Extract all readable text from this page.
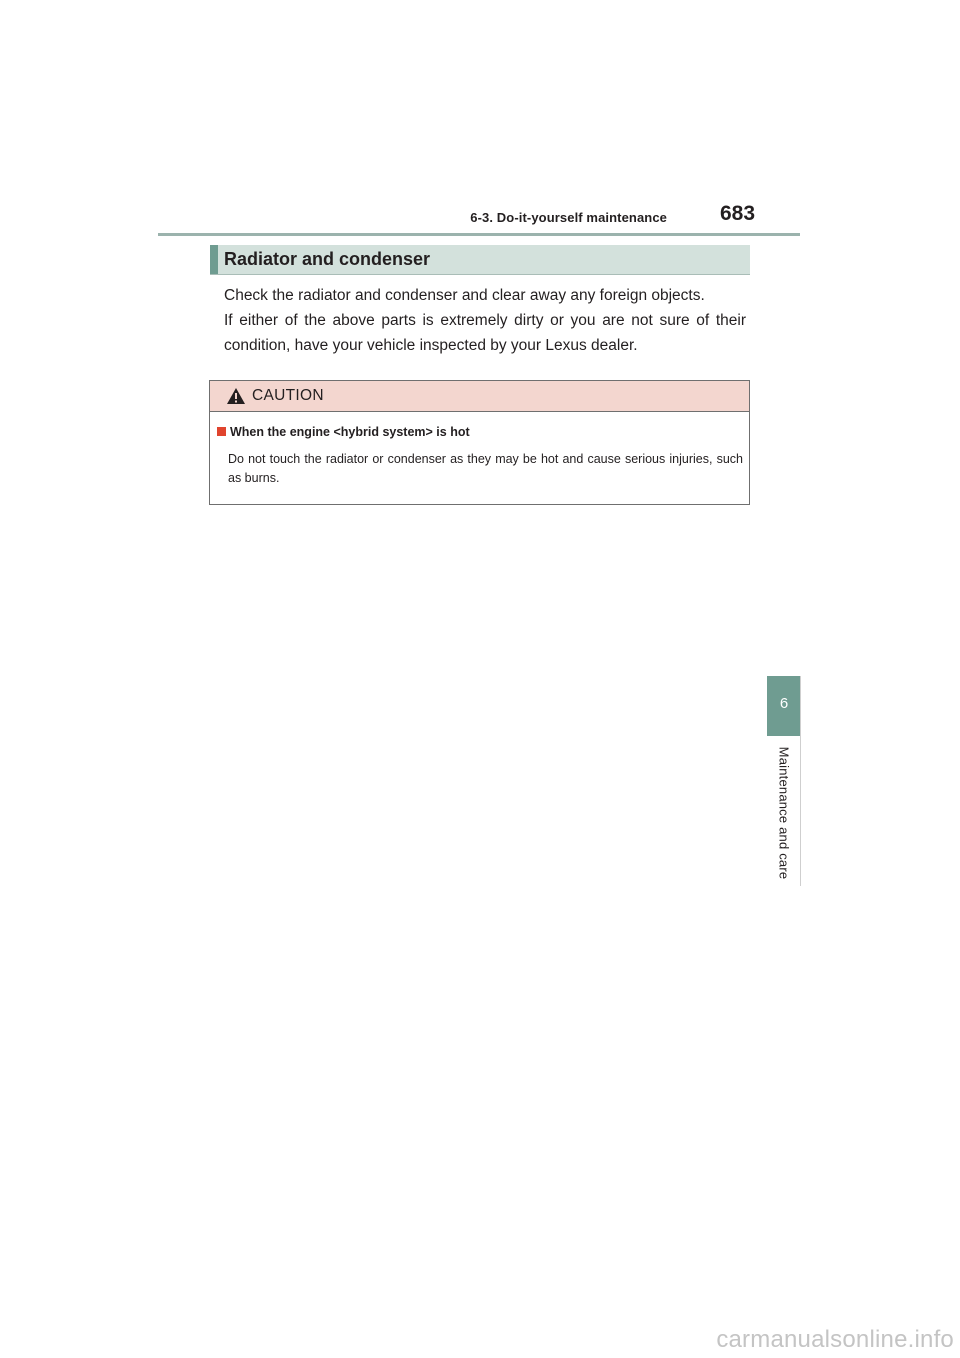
6-3. Do-it-yourself maintenance	683
Radiator and condenser

Check the radiator and condenser and clear away any foreign objects.

If either of the above parts is extremely dirty or you are not sure of their condition, have your vehicle inspected by your Lexus dealer.

CAUTION
When the engine <hybrid system> is hot

Do not touch the radiator or condenser as they may be hot and cause serious injuries, such as burns.

6
Maintenance and care
carmanualsonline.info
